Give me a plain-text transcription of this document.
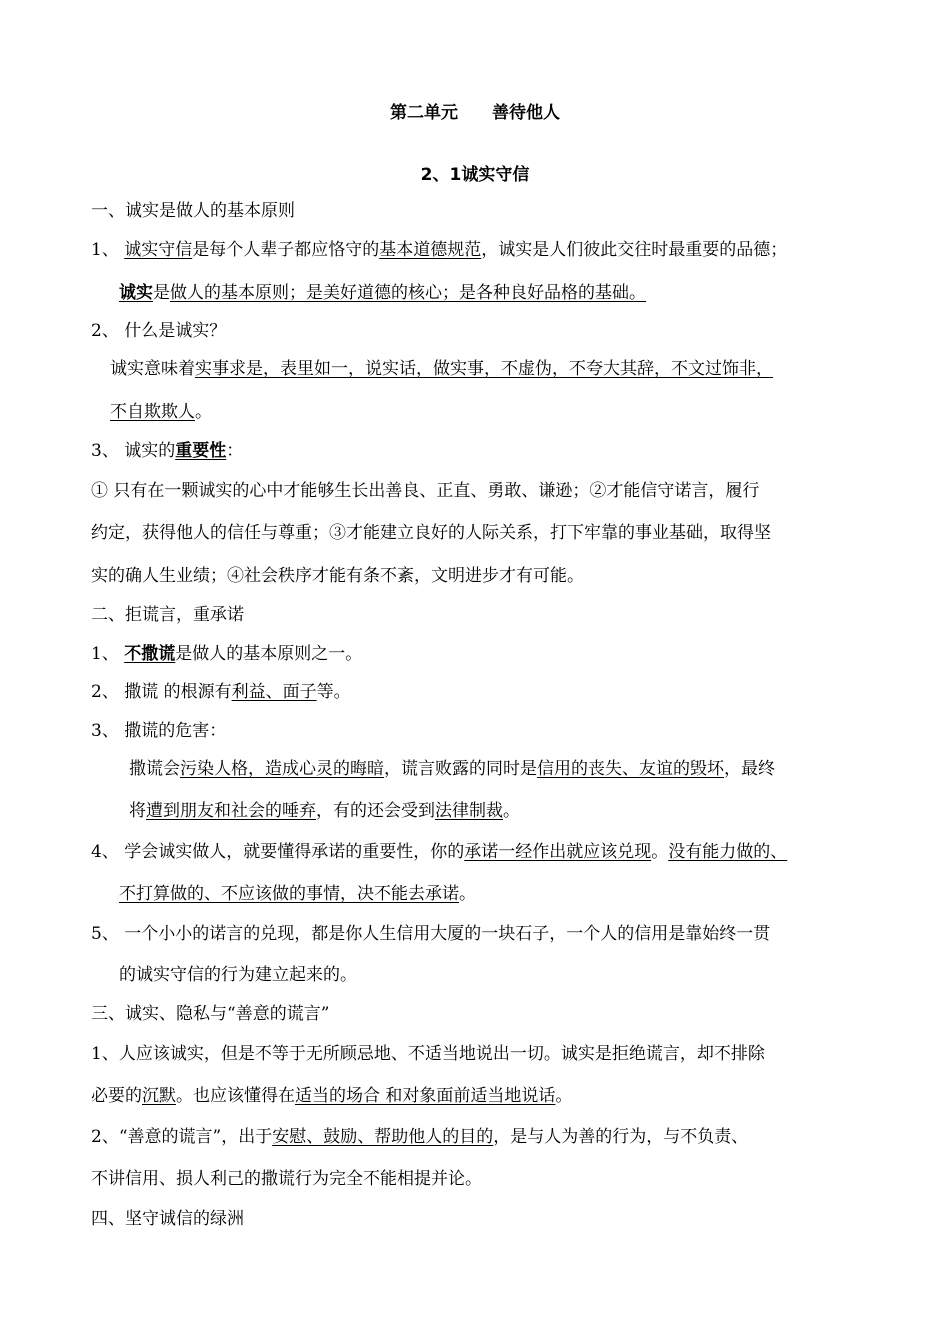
第二单元　　善待他人
2、1诚实守信
一、诚实是做人的基本原则
1、 诚实守信是每个人辈子都应恪守的基本道德规范，诚实是人们彼此交往时最重要的品德；
诚实是做人的基本原则；是美好道德的核心；是各种良好品格的基础。
2、 什么是诚实？
诚实意味着实事求是，表里如一，说实话，做实事，不虚伪，不夸大其辞，不文过饰非，
不自欺欺人。
3、 诚实的重要性：
① 只有在一颗诚实的心中才能够生长出善良、正直、勇敢、谦逊；②才能信守诺言，履行
约定，获得他人的信任与尊重；③才能建立良好的人际关系，打下牢靠的事业基础，取得坚
实的确人生业绩；④社会秩序才能有条不紊，文明进步才有可能。
二、拒谎言，重承诺
1、 不撒谎是做人的基本原则之一。
2、 撒谎 的根源有利益、面子等。
3、 撒谎的危害：
撒谎会污染人格，造成心灵的晦暗，谎言败露的同时是信用的丧失、友谊的毁坏，最终
将遭到朋友和社会的唾弃，有的还会受到法律制裁。
4、 学会诚实做人，就要懂得承诺的重要性，你的承诺一经作出就应该兑现。没有能力做的、
不打算做的、不应该做的事情，决不能去承诺。
5、 一个小小的诺言的兑现，都是你人生信用大厦的一块石子，一个人的信用是靠始终一贯
的诚实守信的行为建立起来的。
三、诚实、隐私与“善意的谎言”
1、人应该诚实，但是不等于无所顾忌地、不适当地说出一切。诚实是拒绝谎言，却不排除
必要的沉默。也应该懂得在适当的场合 和对象面前适当地说话。
2、“善意的谎言”，出于安慰、鼓励、帮助他人的目的，是与人为善的行为，与不负责、
不讲信用、损人利己的撒谎行为完全不能相提并论。
四、坚守诚信的绿洲
